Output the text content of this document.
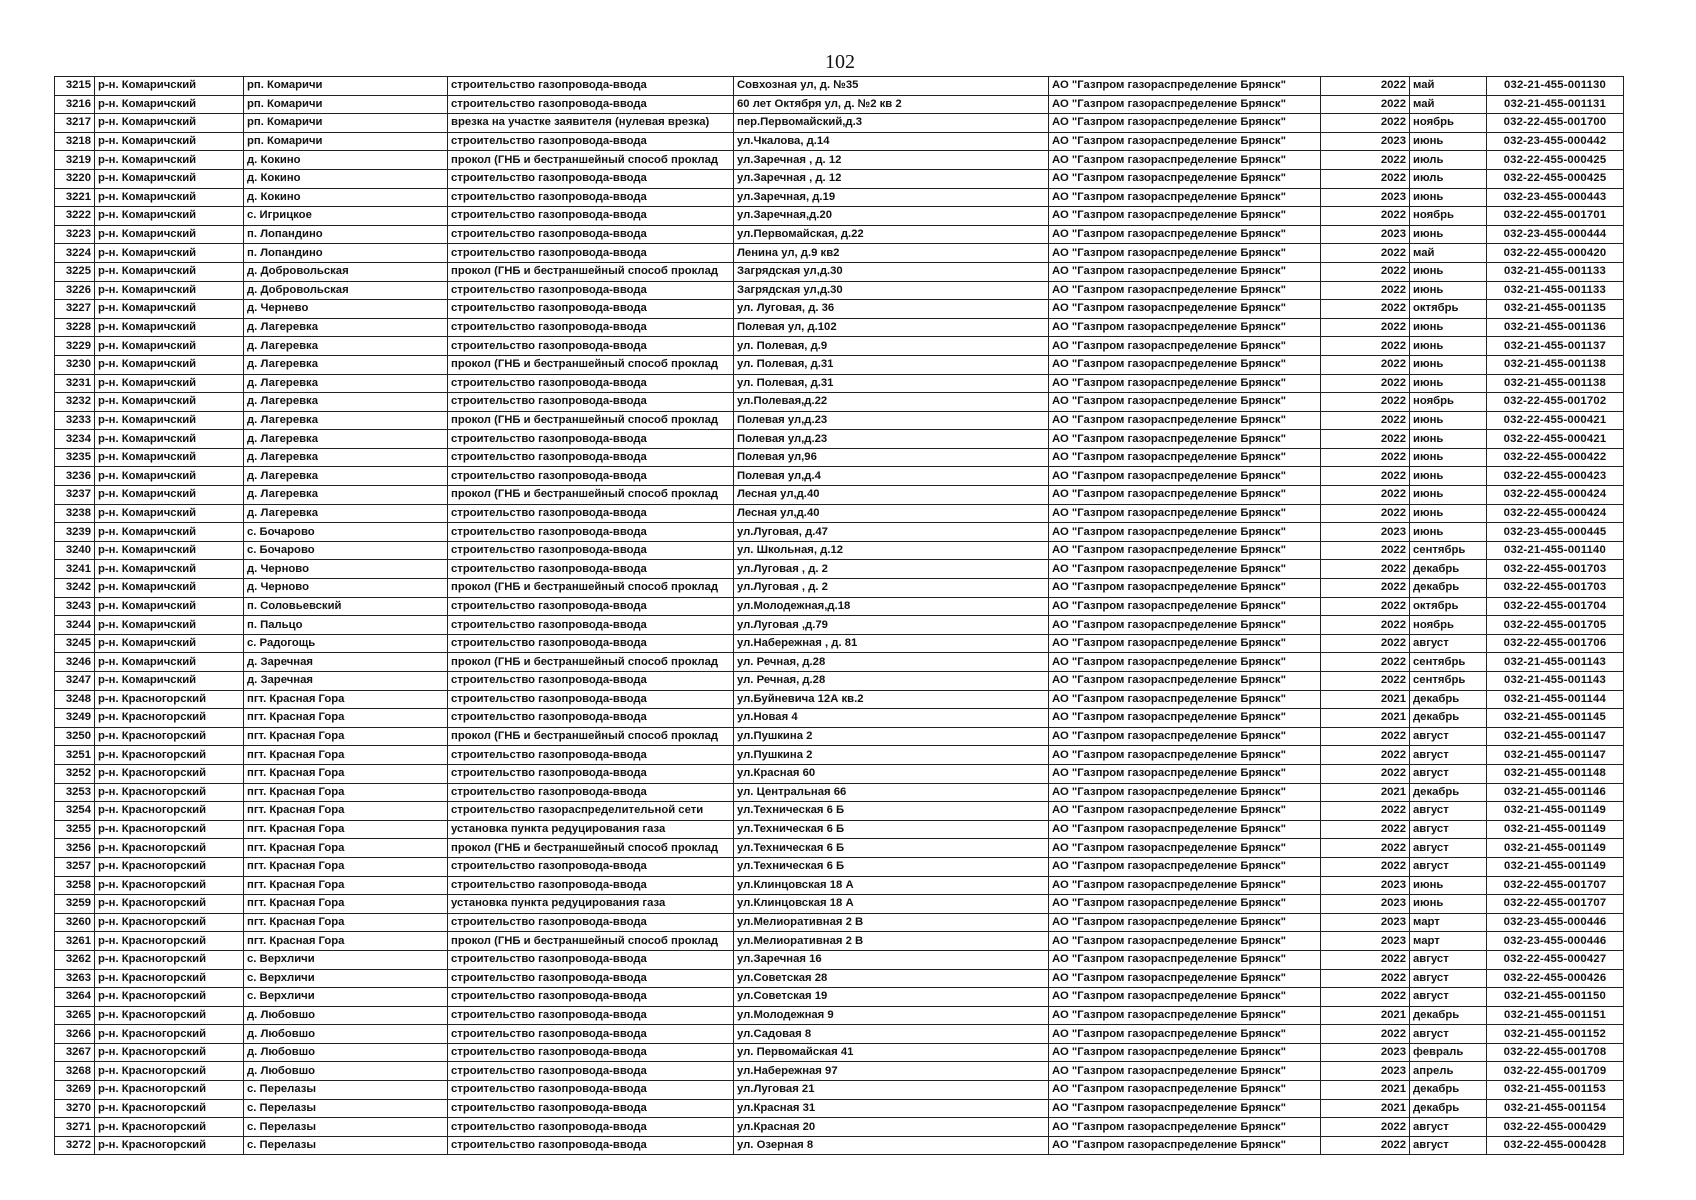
102
3215	р-н. Комаричский	рп. Комаричи	строительство газопровода-ввода	Совхозная ул, д. №35	АО "Газпром газораспределение Брянск"	2022	май	032-21-455-001130
3216	р-н. Комаричский	рп. Комаричи	строительство газопровода-ввода	60 лет Октября ул, д. №2 кв 2	АО "Газпром газораспределение Брянск"	2022	май	032-21-455-001131
3217	р-н. Комаричский	рп. Комаричи	врезка на участке заявителя (нулевая врезка)	пер.Первомайский,д.3	АО "Газпром газораспределение Брянск"	2022	ноябрь	032-22-455-001700
3218	р-н. Комаричский	рп. Комаричи	строительство газопровода-ввода	ул.Чкалова, д.14	АО "Газпром газораспределение Брянск"	2023	июнь	032-23-455-000442
3219	р-н. Комаричский	д. Кокино	прокол (ГНБ и бестраншейный способ проклад	ул.Заречная , д. 12	АО "Газпром газораспределение Брянск"	2022	июль	032-22-455-000425
3220	р-н. Комаричский	д. Кокино	строительство газопровода-ввода	ул.Заречная , д. 12	АО "Газпром газораспределение Брянск"	2022	июль	032-22-455-000425
3221	р-н. Комаричский	д. Кокино	строительство газопровода-ввода	ул.Заречная, д.19	АО "Газпром газораспределение Брянск"	2023	июнь	032-23-455-000443
3222	р-н. Комаричский	с. Игрицкое	строительство газопровода-ввода	ул.Заречная,д.20	АО "Газпром газораспределение Брянск"	2022	ноябрь	032-22-455-001701
3223	р-н. Комаричский	п. Лопандино	строительство газопровода-ввода	ул.Первомайская, д.22	АО "Газпром газораспределение Брянск"	2023	июнь	032-23-455-000444
3224	р-н. Комаричский	п. Лопандино	строительство газопровода-ввода	Ленина ул, д.9 кв2	АО "Газпром газораспределение Брянск"	2022	май	032-22-455-000420
3225	р-н. Комаричский	д. Добровольская	прокол (ГНБ и бестраншейный способ проклад	Загрядская ул,д.30	АО "Газпром газораспределение Брянск"	2022	июнь	032-21-455-001133
3226	р-н. Комаричский	д. Добровольская	строительство газопровода-ввода	Загрядская ул,д.30	АО "Газпром газораспределение Брянск"	2022	июнь	032-21-455-001133
3227	р-н. Комаричский	д. Чернево	строительство газопровода-ввода	ул. Луговая, д. 36	АО "Газпром газораспределение Брянск"	2022	октябрь	032-21-455-001135
3228	р-н. Комаричский	д. Лагеревка	строительство газопровода-ввода	Полевая ул, д.102	АО "Газпром газораспределение Брянск"	2022	июнь	032-21-455-001136
3229	р-н. Комаричский	д. Лагеревка	строительство газопровода-ввода	ул. Полевая, д.9	АО "Газпром газораспределение Брянск"	2022	июнь	032-21-455-001137
3230	р-н. Комаричский	д. Лагеревка	прокол (ГНБ и бестраншейный способ проклад	ул. Полевая, д.31	АО "Газпром газораспределение Брянск"	2022	июнь	032-21-455-001138
3231	р-н. Комаричский	д. Лагеревка	строительство газопровода-ввода	ул. Полевая, д.31	АО "Газпром газораспределение Брянск"	2022	июнь	032-21-455-001138
3232	р-н. Комаричский	д. Лагеревка	строительство газопровода-ввода	ул.Полевая,д.22	АО "Газпром газораспределение Брянск"	2022	ноябрь	032-22-455-001702
3233	р-н. Комаричский	д. Лагеревка	прокол (ГНБ и бестраншейный способ проклад	Полевая ул,д.23	АО "Газпром газораспределение Брянск"	2022	июнь	032-22-455-000421
3234	р-н. Комаричский	д. Лагеревка	строительство газопровода-ввода	Полевая ул,д.23	АО "Газпром газораспределение Брянск"	2022	июнь	032-22-455-000421
3235	р-н. Комаричский	д. Лагеревка	строительство газопровода-ввода	Полевая ул,96	АО "Газпром газораспределение Брянск"	2022	июнь	032-22-455-000422
3236	р-н. Комаричский	д. Лагеревка	строительство газопровода-ввода	Полевая ул,д.4	АО "Газпром газораспределение Брянск"	2022	июнь	032-22-455-000423
3237	р-н. Комаричский	д. Лагеревка	прокол (ГНБ и бестраншейный способ проклад	Лесная ул,д.40	АО "Газпром газораспределение Брянск"	2022	июнь	032-22-455-000424
3238	р-н. Комаричский	д. Лагеревка	строительство газопровода-ввода	Лесная ул,д.40	АО "Газпром газораспределение Брянск"	2022	июнь	032-22-455-000424
3239	р-н. Комаричский	с. Бочарово	строительство газопровода-ввода	ул.Луговая, д.47	АО "Газпром газораспределение Брянск"	2023	июнь	032-23-455-000445
3240	р-н. Комаричский	с. Бочарово	строительство газопровода-ввода	ул. Школьная, д.12	АО "Газпром газораспределение Брянск"	2022	сентябрь	032-21-455-001140
3241	р-н. Комаричский	д. Черново	строительство газопровода-ввода	ул.Луговая , д. 2	АО "Газпром газораспределение Брянск"	2022	декабрь	032-22-455-001703
3242	р-н. Комаричский	д. Черново	прокол (ГНБ и бестраншейный способ проклад	ул.Луговая , д. 2	АО "Газпром газораспределение Брянск"	2022	декабрь	032-22-455-001703
3243	р-н. Комаричский	п. Соловьевский	строительство газопровода-ввода	ул.Молодежная,д.18	АО "Газпром газораспределение Брянск"	2022	октябрь	032-22-455-001704
3244	р-н. Комаричский	п. Пальцо	строительство газопровода-ввода	ул.Луговая ,д.79	АО "Газпром газораспределение Брянск"	2022	ноябрь	032-22-455-001705
3245	р-н. Комаричский	с. Радогощь	строительство газопровода-ввода	ул.Набережная , д. 81	АО "Газпром газораспределение Брянск"	2022	август	032-22-455-001706
3246	р-н. Комаричский	д. Заречная	прокол (ГНБ и бестраншейный способ проклад	ул. Речная, д.28	АО "Газпром газораспределение Брянск"	2022	сентябрь	032-21-455-001143
3247	р-н. Комаричский	д. Заречная	строительство газопровода-ввода	ул. Речная, д.28	АО "Газпром газораспределение Брянск"	2022	сентябрь	032-21-455-001143
3248	р-н. Красногорский	пгт. Красная Гора	строительство газопровода-ввода	ул.Буйневича 12А кв.2	АО "Газпром газораспределение Брянск"	2021	декабрь	032-21-455-001144
3249	р-н. Красногорский	пгт. Красная Гора	строительство газопровода-ввода	ул.Новая 4	АО "Газпром газораспределение Брянск"	2021	декабрь	032-21-455-001145
3250	р-н. Красногорский	пгт. Красная Гора	прокол (ГНБ и бестраншейный способ проклад	ул.Пушкина 2	АО "Газпром газораспределение Брянск"	2022	август	032-21-455-001147
3251	р-н. Красногорский	пгт. Красная Гора	строительство газопровода-ввода	ул.Пушкина 2	АО "Газпром газораспределение Брянск"	2022	август	032-21-455-001147
3252	р-н. Красногорский	пгт. Красная Гора	строительство газопровода-ввода	ул.Красная 60	АО "Газпром газораспределение Брянск"	2022	август	032-21-455-001148
3253	р-н. Красногорский	пгт. Красная Гора	строительство газопровода-ввода	ул. Центральная 66	АО "Газпром газораспределение Брянск"	2021	декабрь	032-21-455-001146
3254	р-н. Красногорский	пгт. Красная Гора	строительство газораспределительной сети	ул.Техническая 6 Б	АО "Газпром газораспределение Брянск"	2022	август	032-21-455-001149
3255	р-н. Красногорский	пгт. Красная Гора	установка пункта редуцирования газа	ул.Техническая 6 Б	АО "Газпром газораспределение Брянск"	2022	август	032-21-455-001149
3256	р-н. Красногорский	пгт. Красная Гора	прокол (ГНБ и бестраншейный способ проклад	ул.Техническая 6 Б	АО "Газпром газораспределение Брянск"	2022	август	032-21-455-001149
3257	р-н. Красногорский	пгт. Красная Гора	строительство газопровода-ввода	ул.Техническая 6 Б	АО "Газпром газораспределение Брянск"	2022	август	032-21-455-001149
3258	р-н. Красногорский	пгт. Красная Гора	строительство газопровода-ввода	ул.Клинцовская 18 А	АО "Газпром газораспределение Брянск"	2023	июнь	032-22-455-001707
3259	р-н. Красногорский	пгт. Красная Гора	установка пункта редуцирования газа	ул.Клинцовская 18 А	АО "Газпром газораспределение Брянск"	2023	июнь	032-22-455-001707
3260	р-н. Красногорский	пгт. Красная Гора	строительство газопровода-ввода	ул.Мелиоративная 2 В	АО "Газпром газораспределение Брянск"	2023	март	032-23-455-000446
3261	р-н. Красногорский	пгт. Красная Гора	прокол (ГНБ и бестраншейный способ проклад	ул.Мелиоративная 2 В	АО "Газпром газораспределение Брянск"	2023	март	032-23-455-000446
3262	р-н. Красногорский	с. Верхличи	строительство газопровода-ввода	ул.Заречная 16	АО "Газпром газораспределение Брянск"	2022	август	032-22-455-000427
3263	р-н. Красногорский	с. Верхличи	строительство газопровода-ввода	ул.Советская 28	АО "Газпром газораспределение Брянск"	2022	август	032-22-455-000426
3264	р-н. Красногорский	с. Верхличи	строительство газопровода-ввода	ул.Советская 19	АО "Газпром газораспределение Брянск"	2022	август	032-21-455-001150
3265	р-н. Красногорский	д. Любовшо	строительство газопровода-ввода	ул.Молодежная 9	АО "Газпром газораспределение Брянск"	2021	декабрь	032-21-455-001151
3266	р-н. Красногорский	д. Любовшо	строительство газопровода-ввода	ул.Садовая 8	АО "Газпром газораспределение Брянск"	2022	август	032-21-455-001152
3267	р-н. Красногорский	д. Любовшо	строительство газопровода-ввода	ул. Первомайская 41	АО "Газпром газораспределение Брянск"	2023	февраль	032-22-455-001708
3268	р-н. Красногорский	д. Любовшо	строительство газопровода-ввода	ул.Набережная 97	АО "Газпром газораспределение Брянск"	2023	апрель	032-22-455-001709
3269	р-н. Красногорский	с. Перелазы	строительство газопровода-ввода	ул.Луговая 21	АО "Газпром газораспределение Брянск"	2021	декабрь	032-21-455-001153
3270	р-н. Красногорский	с. Перелазы	строительство газопровода-ввода	ул.Красная 31	АО "Газпром газораспределение Брянск"	2021	декабрь	032-21-455-001154
3271	р-н. Красногорский	с. Перелазы	строительство газопровода-ввода	ул.Красная 20	АО "Газпром газораспределение Брянск"	2022	август	032-22-455-000429
3272	р-н. Красногорский	с. Перелазы	строительство газопровода-ввода	ул. Озерная 8	АО "Газпром газораспределение Брянск"	2022	август	032-22-455-000428
